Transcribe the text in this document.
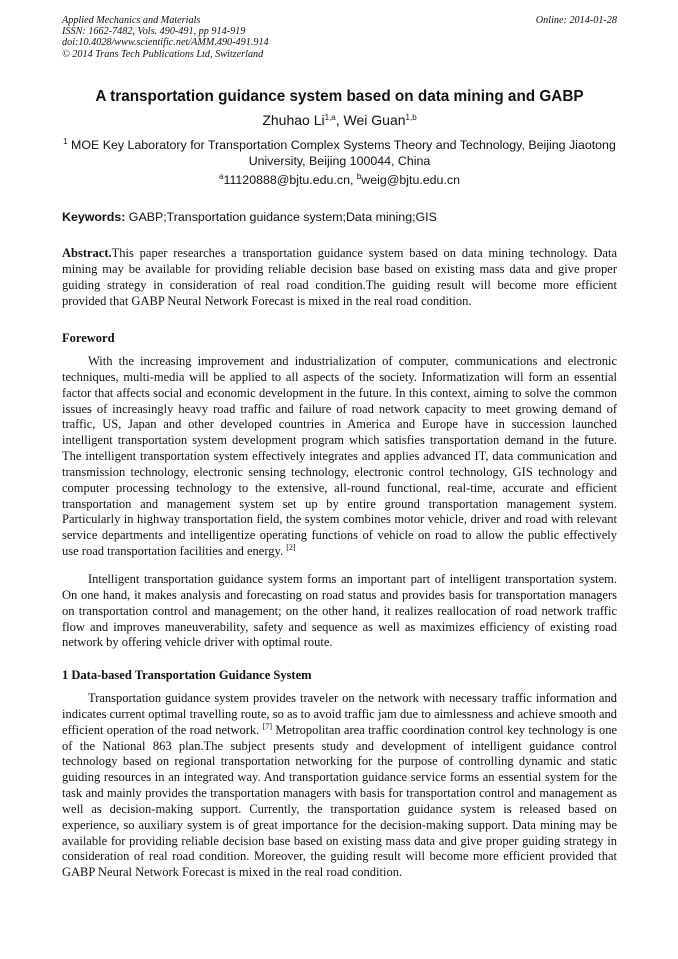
Applied Mechanics and Materials
ISSN: 1662-7482, Vols. 490-491, pp 914-919
doi:10.4028/www.scientific.net/AMM.490-491.914
© 2014 Trans Tech Publications Ltd, Switzerland
Online: 2014-01-28
A transportation guidance system based on data mining and GABP
Zhuhao Li$^{1,a}$, Wei Guan$^{1,b}$
$^1$ MOE Key Laboratory for Transportation Complex Systems Theory and Technology, Beijing Jiaotong University, Beijing 100044, China
$^a$11120888@bjtu.edu.cn, $^b$weig@bjtu.edu.cn
Keywords: GABP;Transportation guidance system;Data mining;GIS
Abstract.This paper researches a transportation guidance system based on data mining technology. Data mining may be available for providing reliable decision base based on existing mass data and give proper guiding strategy in consideration of real road condition.The guiding result will become more efficient provided that GABP Neural Network Forecast is mixed in the real road condition.
Foreword
With the increasing improvement and industrialization of computer, communications and electronic techniques, multi-media will be applied to all aspects of the society. Informatization will form an essential factor that affects social and economic development in the future. In this context, aiming to solve the common issues of increasingly heavy road traffic and failure of road network capacity to meet growing demand of traffic, US, Japan and other developed countries in America and Europe have in succession launched intelligent transportation system development program which satisfies transportation demand in the future. The intelligent transportation system effectively integrates and applies advanced IT, data communication and transmission technology, electronic sensing technology, electronic control technology, GIS technology and computer processing technology to the extensive, all-round functional, real-time, accurate and efficient transportation and management system set up by entire ground transportation management system. Particularly in highway transportation field, the system combines motor vehicle, driver and road with relevant service departments and intelligentize operating functions of vehicle on road to allow the public effectively use road transportation facilities and energy. [2]
Intelligent transportation guidance system forms an important part of intelligent transportation system. On one hand, it makes analysis and forecasting on road status and provides basis for transportation managers on transportation control and management; on the other hand, it realizes reallocation of road network traffic flow and improves maneuverability, safety and sequence as well as maximizes efficiency of existing road network by offering vehicle driver with optimal route.
1 Data-based Transportation Guidance System
Transportation guidance system provides traveler on the network with necessary traffic information and indicates current optimal travelling route, so as to avoid traffic jam due to aimlessness and achieve smooth and efficient operation of the road network. [7] Metropolitan area traffic coordination control key technology is one of the National 863 plan.The subject presents study and development of intelligent guidance control technology based on regional transportation networking for the purpose of controlling dynamic and static guiding resources in an integrated way. And transportation guidance service forms an essential system for the task and mainly provides the transportation managers with basis for transportation control and management as well as decision-making support. Currently, the transportation guidance system is released based on experience, so auxiliary system is of great importance for the decision-making support. Data mining may be available for providing reliable decision base based on existing mass data and give proper guiding strategy in consideration of real road condition. Moreover, the guiding result will become more efficient provided that GABP Neural Network Forecast is mixed in the real road condition.
